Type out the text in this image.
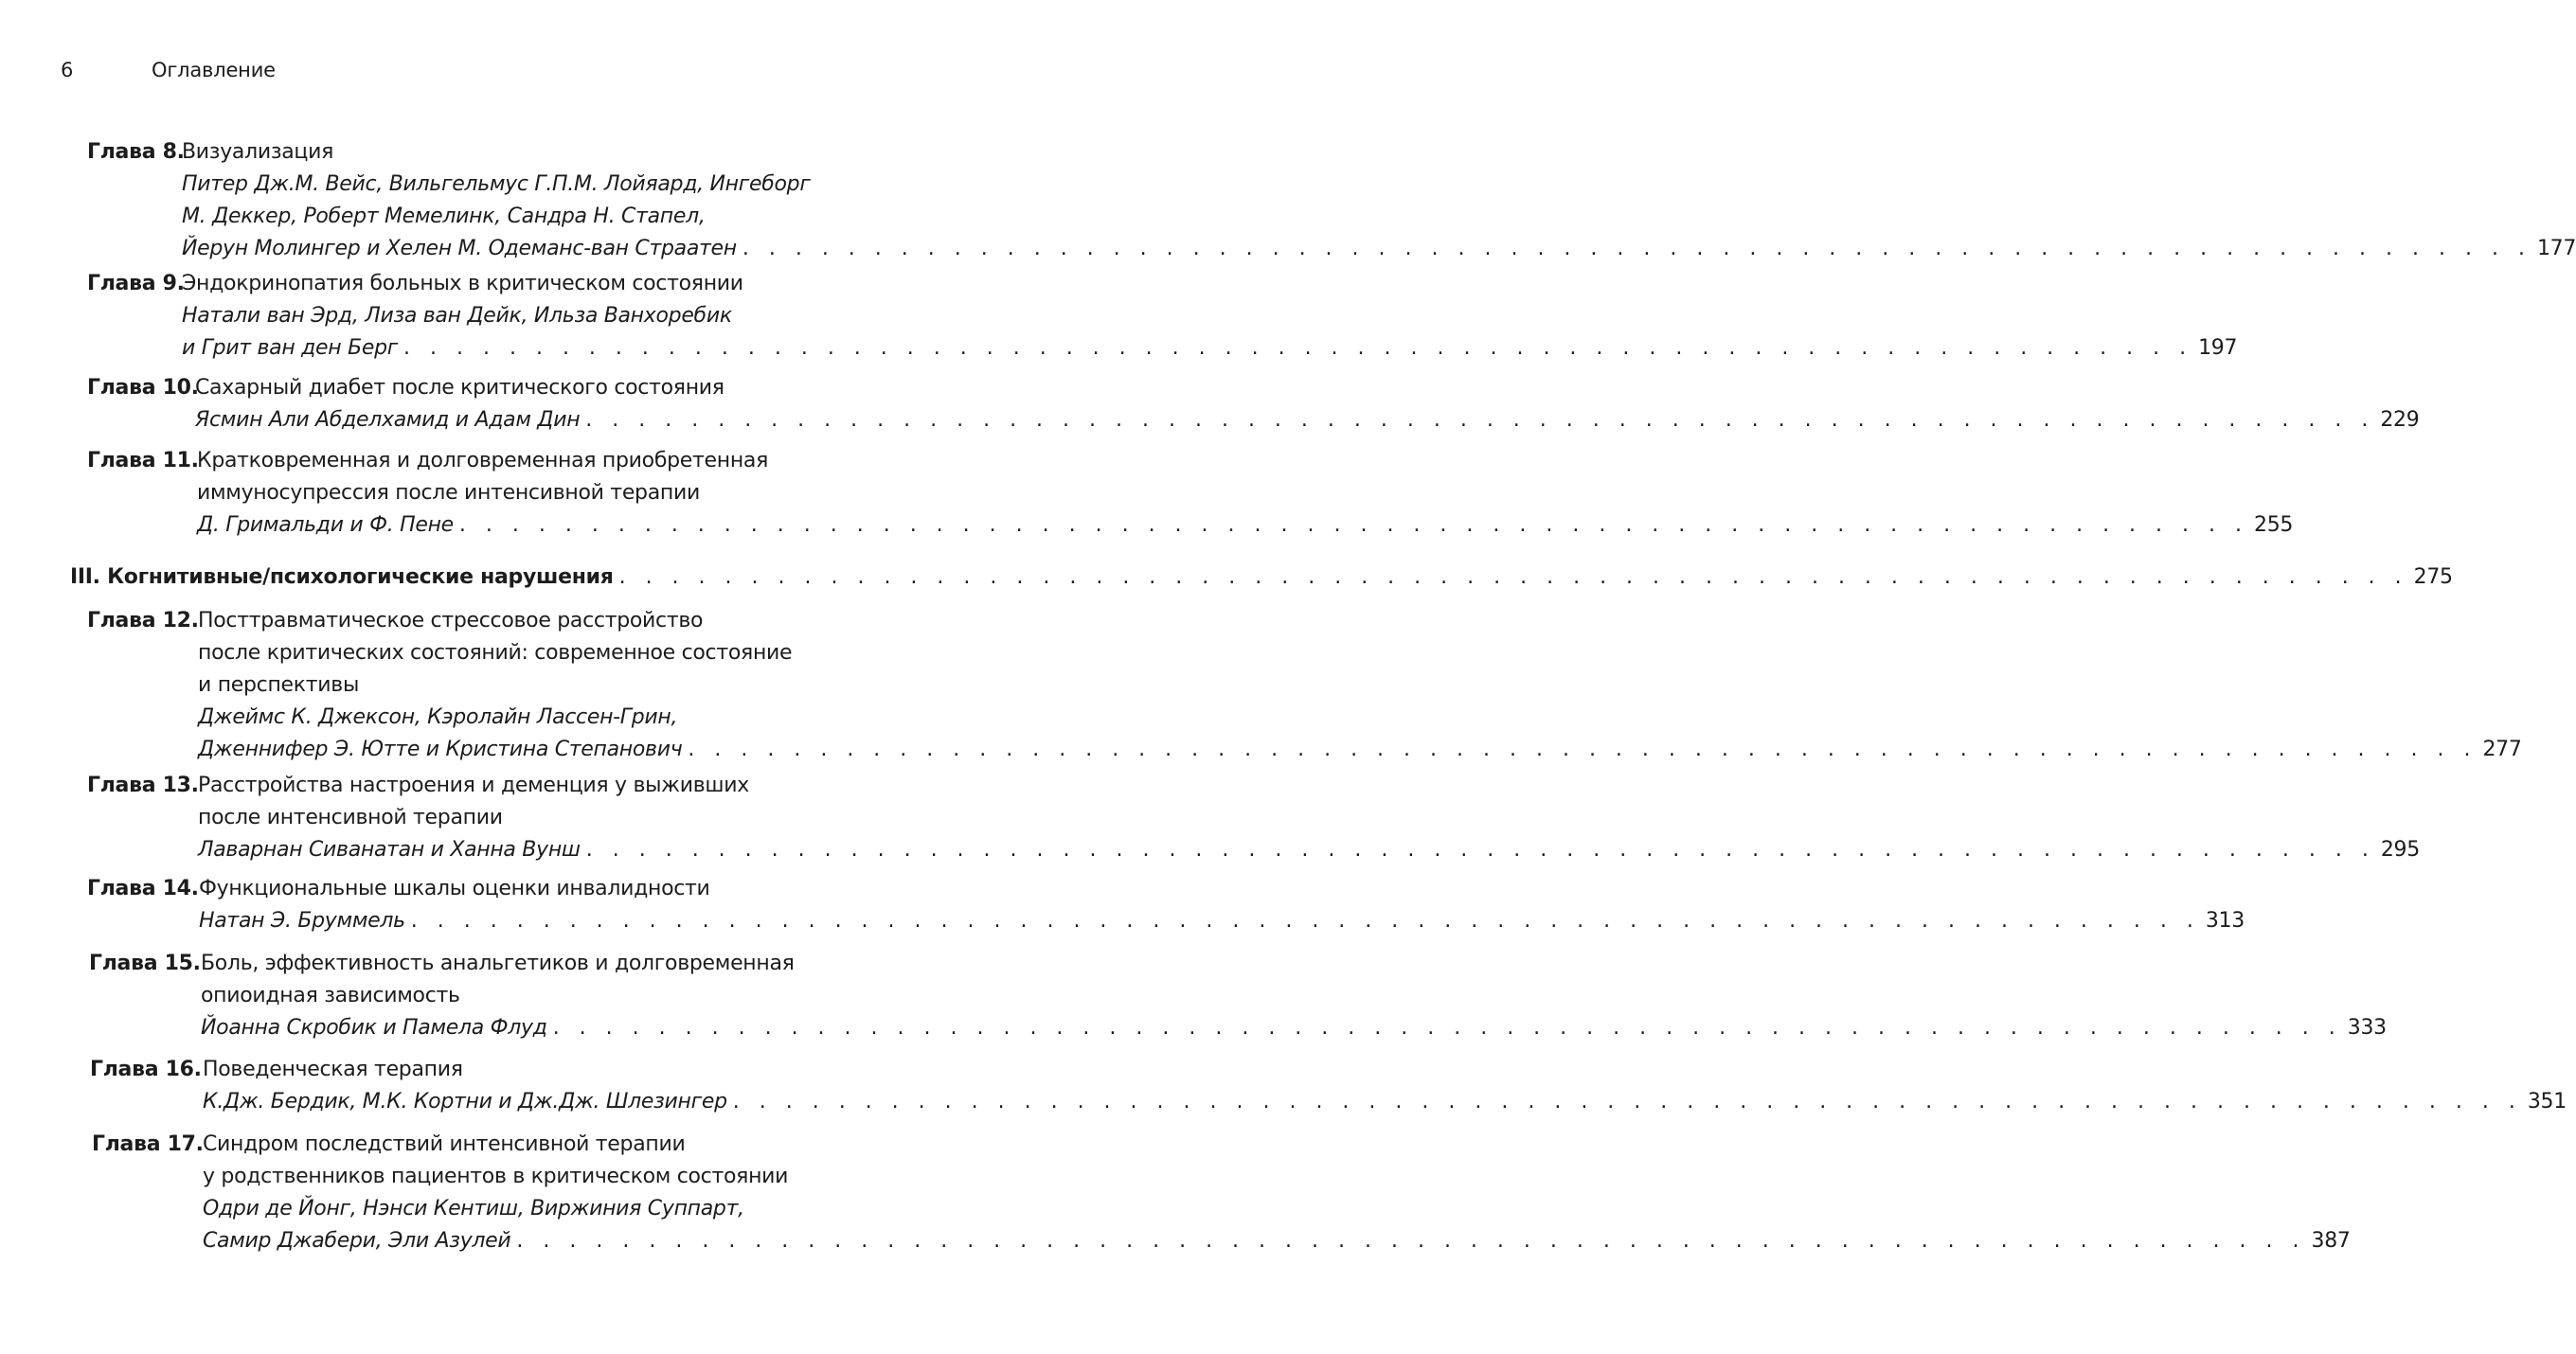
6	Оглавление
Глава 8.
Визуализация
Питер Дж.М. Вейс, Вильгельмус Г.П.М. Лойяард, Ингеборг
М. Деккер, Роберт Мемелинк, Сандра Н. Стапел,
Йерун Молингер и Хелен М. Одеманс-ван Страатен . . . . . . . . . . . . . . . . . . . . . . . . . . . . . . . . . . . . . . . . . . . . . . . . . . . . . . . . . . . . . . . . . . . . 177
Глава 9.
Эндокринопатия больных в критическом состоянии
Натали ван Эрд, Лиза ван Дейк, Ильза Ванхоребик
и Грит ван ден Берг . . . . . . . . . . . . . . . . . . . . . . . . . . . . . . . . . . . . . . . . . . . . . . . . . . . . . . . . . . . . . . . . . . . . 197
Глава 10.
Сахарный диабет после критического состояния
Ясмин Али Абделхамид и Адам Дин . . . . . . . . . . . . . . . . . . . . . . . . . . . . . . . . . . . . . . . . . . . . . . . . . . . . . . . . . . . . . . . . . . . . 229
Глава 11.
Кратковременная и долговременная приобретенная
иммуносупрессия после интенсивной терапии
Д. Гримальди и Ф. Пене . . . . . . . . . . . . . . . . . . . . . . . . . . . . . . . . . . . . . . . . . . . . . . . . . . . . . . . . . . . . . . . . . . . . 255
III. Когнитивные/психологические нарушения . . . . . . . . . . . . . . . . . . . . . . . . . . . . . . . . . . . . . . . . . . . . . . . . . . . . . . . . . . . . . . . . . . . . 275
Глава 12. Посттравматическое стрессовое расстройство
после критических состояний: современное состояние
и перспективы
Джеймс К. Джексон, Кэролайн Лассен-Грин,
Дженнифер Э. Ютте и Кристина Степанович . . . . . . . . . . . . . . . . . . . . . . . . . . . . . . . . . . . . . . . . . . . . . . . . . . . . . . . . . . . . . . . . . . . . 277
Глава 13. Расстройства настроения и деменция у выживших
после интенсивной терапии
Лаварнан Сиванатан и Ханна Вунш . . . . . . . . . . . . . . . . . . . . . . . . . . . . . . . . . . . . . . . . . . . . . . . . . . . . . . . . . . . . . . . . . . . . 295
Глава 14. Функциональные шкалы оценки инвалидности
Натан Э. Бруммель . . . . . . . . . . . . . . . . . . . . . . . . . . . . . . . . . . . . . . . . . . . . . . . . . . . . . . . . . . . . . . . . . . . . 313
Глава 15. Боль, эффективность анальгетиков и долговременная
опиоидная зависимость
Йоанна Скробик и Памела Флуд . . . . . . . . . . . . . . . . . . . . . . . . . . . . . . . . . . . . . . . . . . . . . . . . . . . . . . . . . . . . . . . . . . . . 333
Глава 16. Поведенческая терапия
К.Дж. Бердик, М.К. Кортни и Дж.Дж. Шлезингер . . . . . . . . . . . . . . . . . . . . . . . . . . . . . . . . . . . . . . . . . . . . . . . . . . . . . . . . . . . . . . . . . . . . 351
Глава 17. Синдром последствий интенсивной терапии
у родственников пациентов в критическом состоянии
Одри де Йонг, Нэнси Кентиш, Виржиния Суппарт,
Самир Джабери, Эли Азулей . . . . . . . . . . . . . . . . . . . . . . . . . . . . . . . . . . . . . . . . . . . . . . . . . . . . . . . . . . . . . . . . . . . . 387
